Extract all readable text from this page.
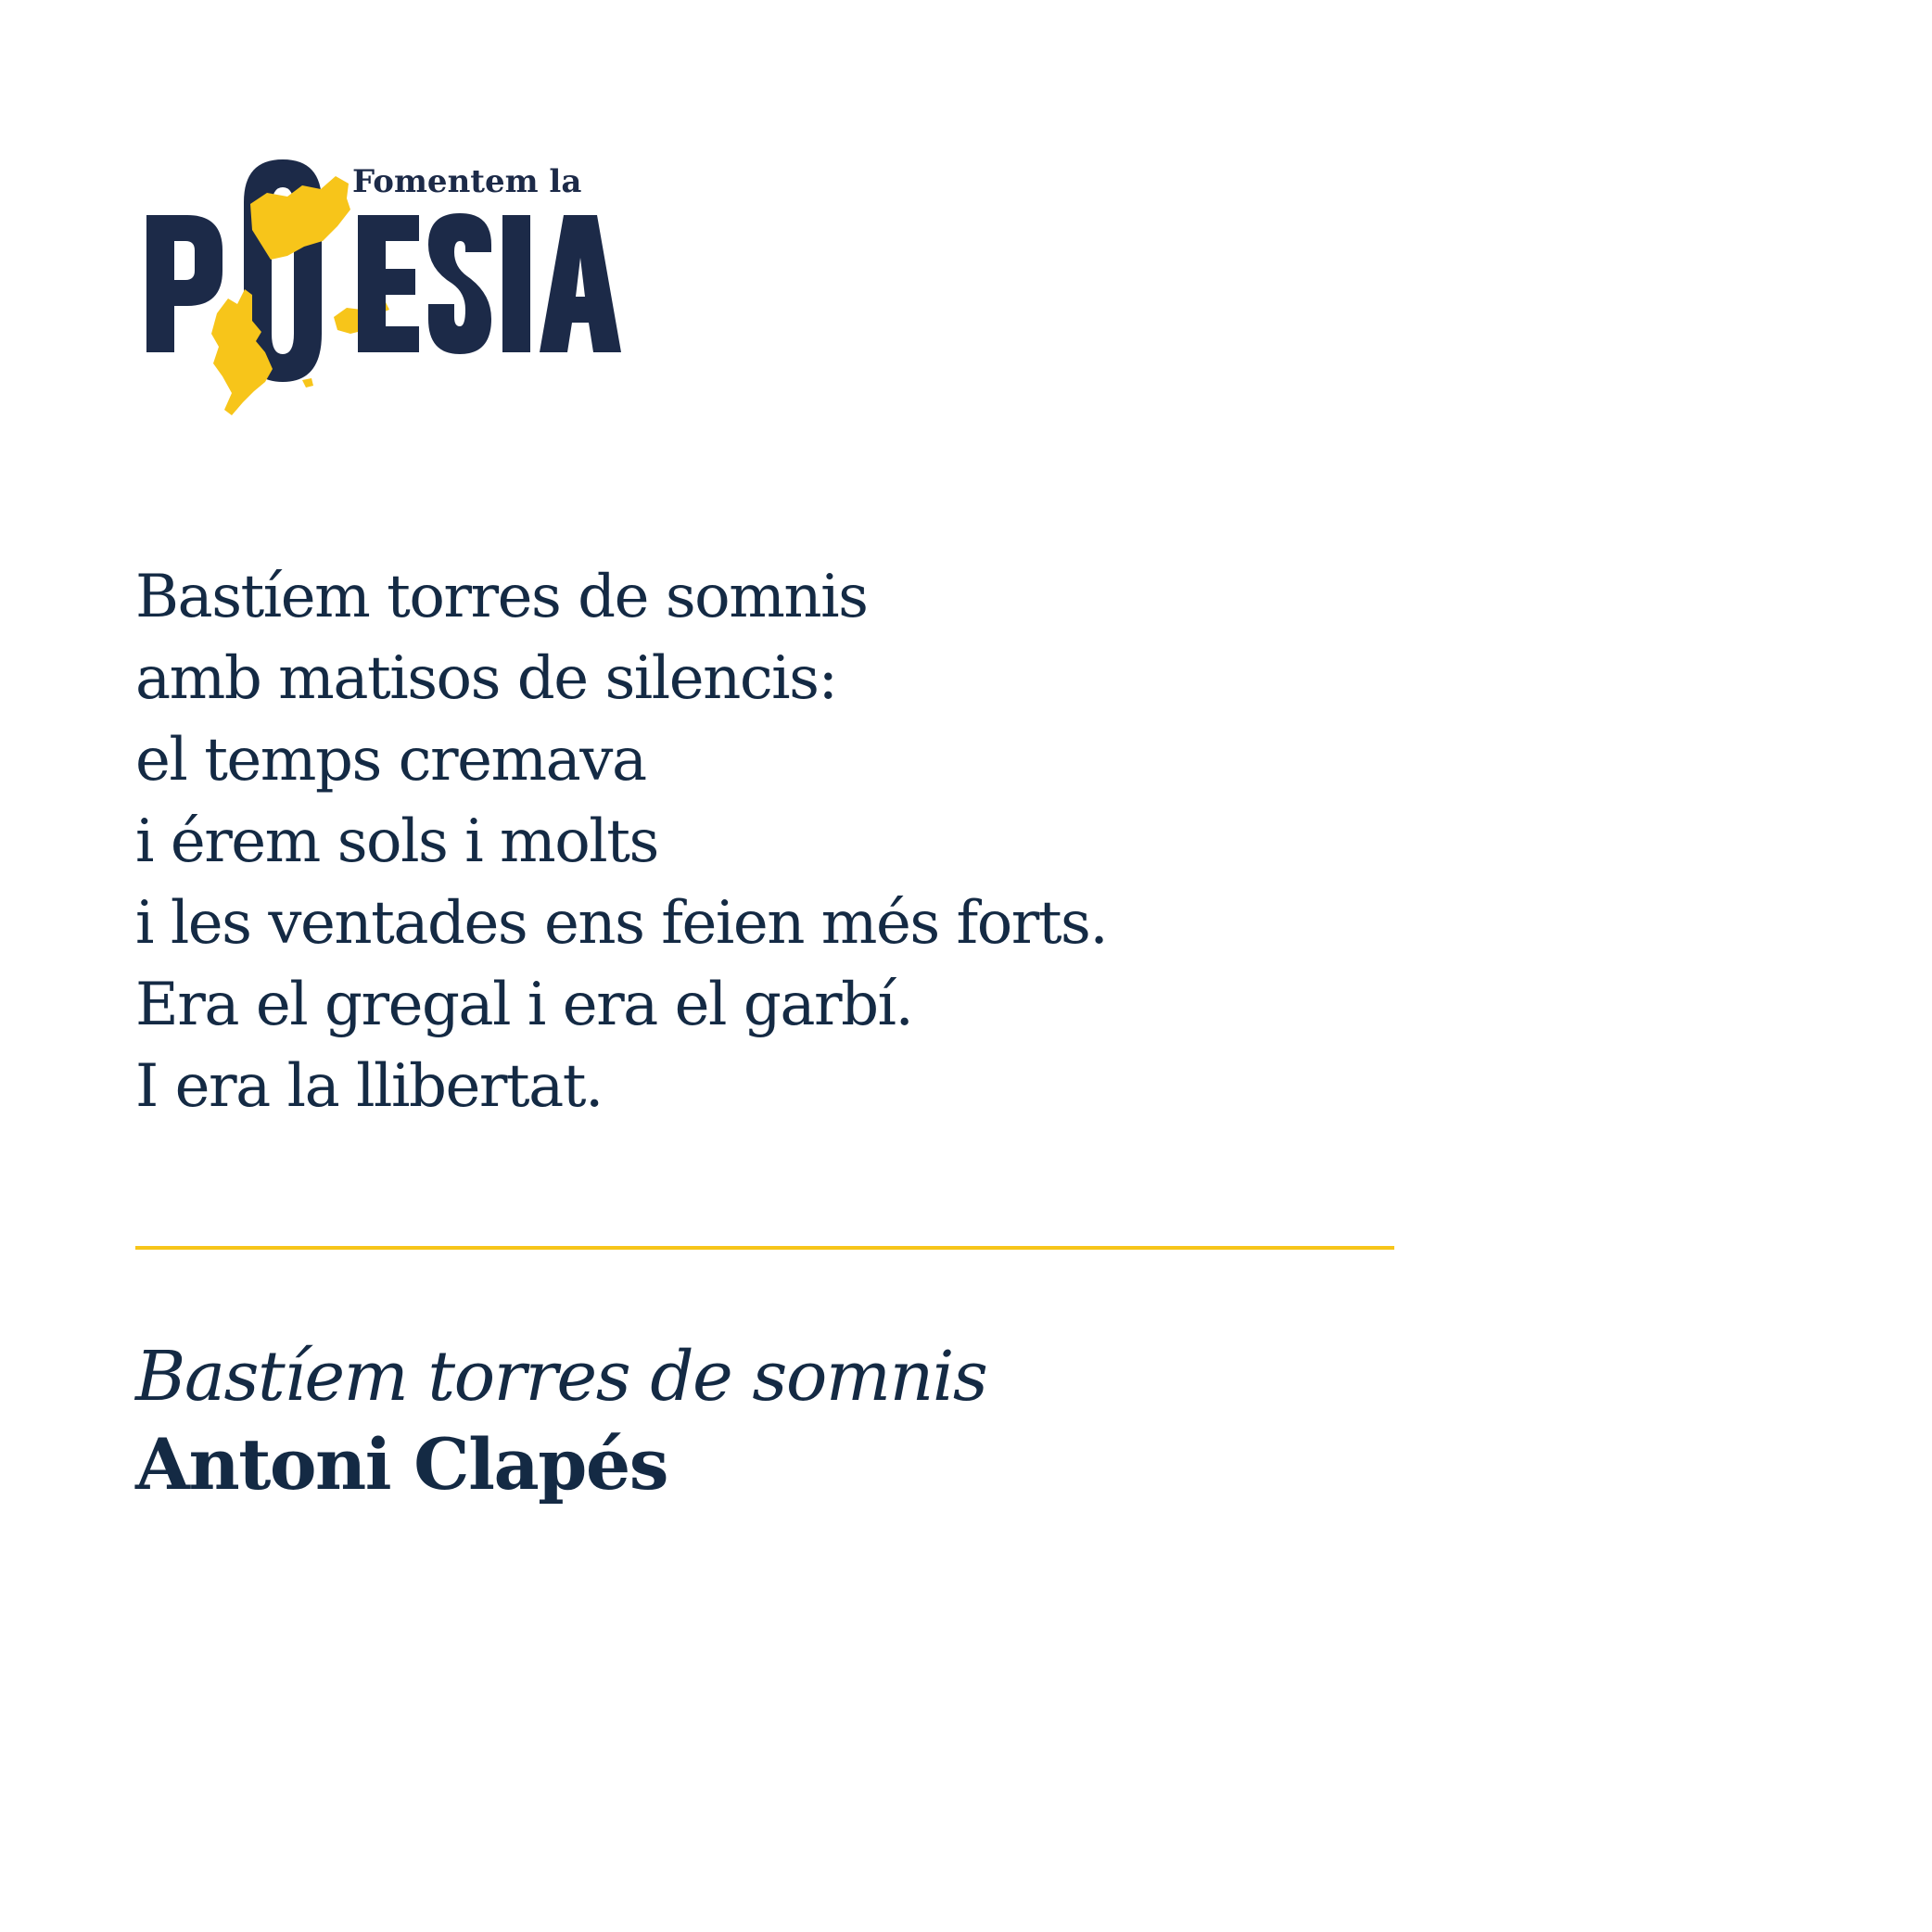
Fomentem la
Bastíem torres de somnis
amb matisos de silencis:
el temps cremava
i érem sols i molts
i les ventades ens feien més forts.
Era el gregal i era el garbí.
I era la llibertat.
Bastíem torres de somnis
Antoni Clapés
